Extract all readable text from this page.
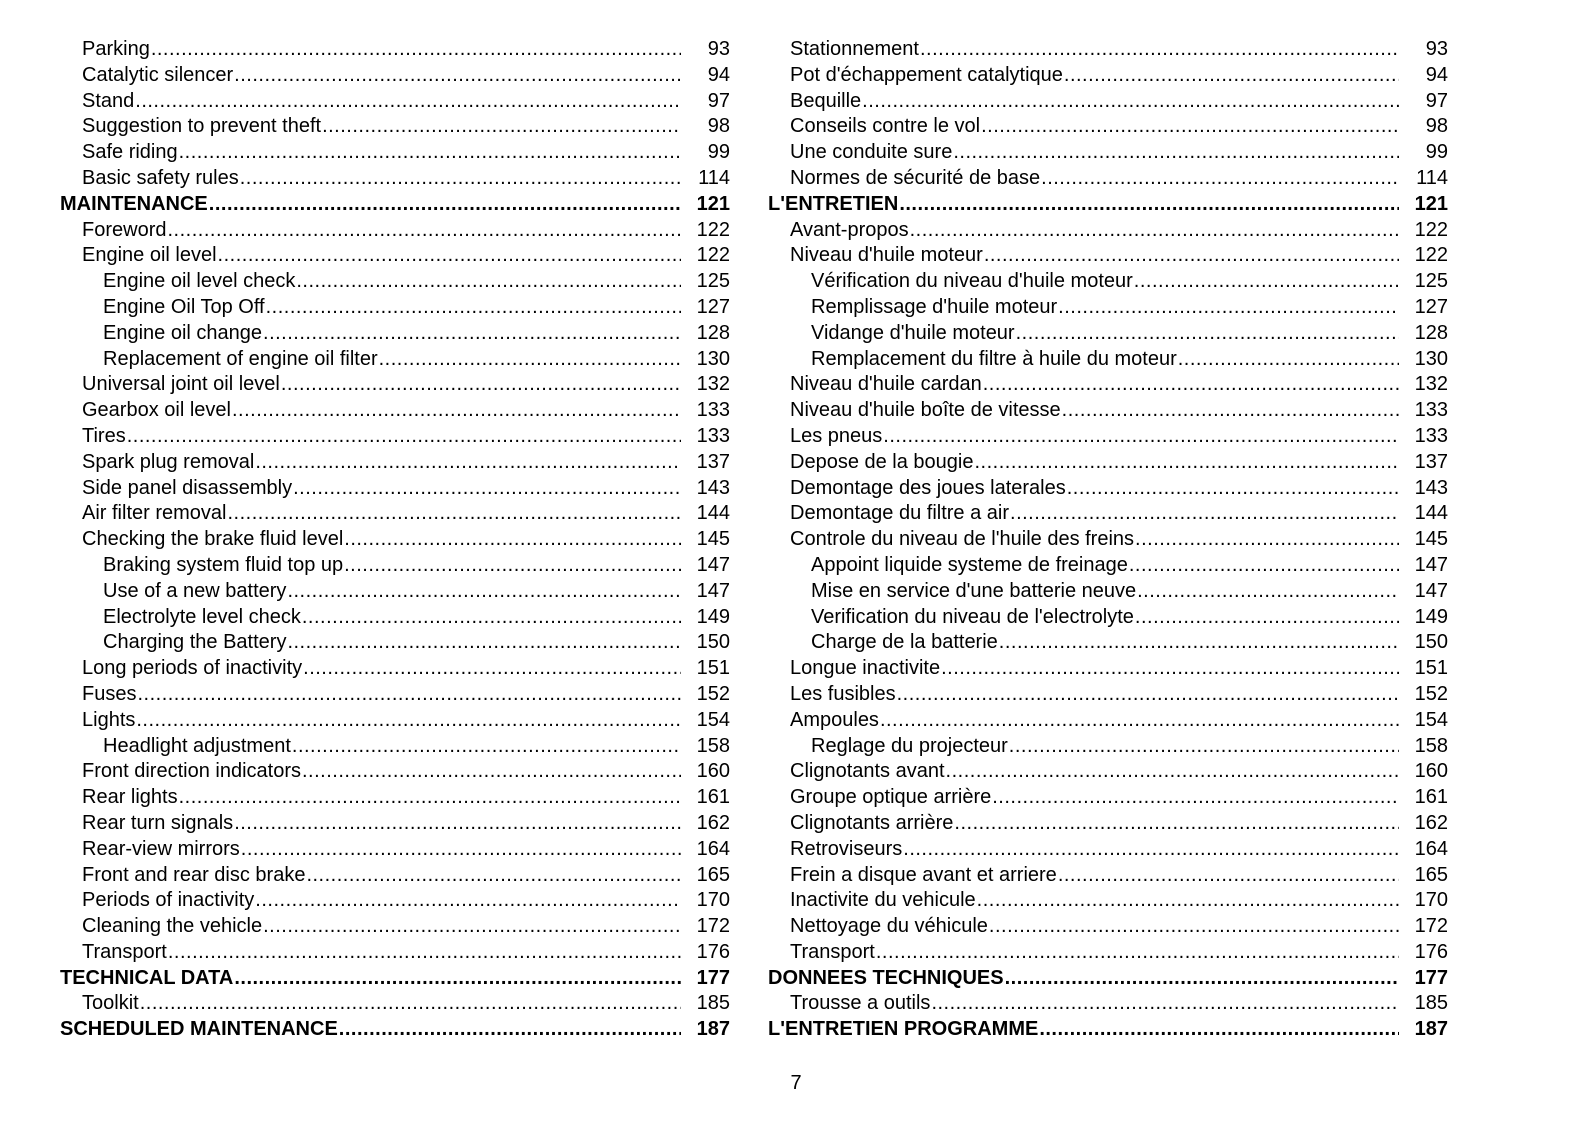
Parking .....	93
Catalytic silencer .....	94
Stand .....	97
Suggestion to prevent theft .....	98
Safe riding .....	99
Basic safety rules .....	114
MAINTENANCE .....	121
Foreword .....	122
Engine oil level .....	122
Engine oil level check .....	125
Engine Oil Top Off .....	127
Engine oil change .....	128
Replacement of engine oil filter .....	130
Universal joint oil level .....	132
Gearbox oil level .....	133
Tires .....	133
Spark plug removal .....	137
Side panel disassembly .....	143
Air filter removal .....	144
Checking the brake fluid level .....	145
Braking system fluid top up .....	147
Use of a new battery .....	147
Electrolyte level check .....	149
Charging the Battery .....	150
Long periods of inactivity .....	151
Fuses .....	152
Lights .....	154
Headlight adjustment .....	158
Front direction indicators .....	160
Rear lights .....	161
Rear turn signals .....	162
Rear-view mirrors .....	164
Front and rear disc brake .....	165
Periods of inactivity .....	170
Cleaning the vehicle .....	172
Transport .....	176
TECHNICAL DATA .....	177
Toolkit .....	185
SCHEDULED MAINTENANCE .....	187
Stationnement .....	93
Pot d'échappement catalytique .....	94
Bequille .....	97
Conseils contre le vol .....	98
Une conduite sure .....	99
Normes de sécurité de base .....	114
L'ENTRETIEN .....	121
Avant-propos .....	122
Niveau d'huile moteur .....	122
Vérification du niveau d'huile moteur .....	125
Remplissage d'huile moteur .....	127
Vidange d'huile moteur .....	128
Remplacement du filtre à huile du moteur .....	130
Niveau d'huile cardan .....	132
Niveau d'huile boîte de vitesse .....	133
Les pneus .....	133
Depose de la bougie .....	137
Demontage des joues laterales .....	143
Demontage du filtre a air .....	144
Controle du niveau de l'huile des freins .....	145
Appoint liquide systeme de freinage .....	147
Mise en service d'une batterie neuve .....	147
Verification du niveau de l'electrolyte .....	149
Charge de la batterie .....	150
Longue inactivite .....	151
Les fusibles .....	152
Ampoules .....	154
Reglage du projecteur .....	158
Clignotants avant .....	160
Groupe optique arrière .....	161
Clignotants arrière .....	162
Retroviseurs .....	164
Frein a disque avant et arriere .....	165
Inactivite du vehicule .....	170
Nettoyage du véhicule .....	172
Transport .....	176
DONNEES TECHNIQUES .....	177
Trousse a outils .....	185
L'ENTRETIEN PROGRAMME .....	187
7
